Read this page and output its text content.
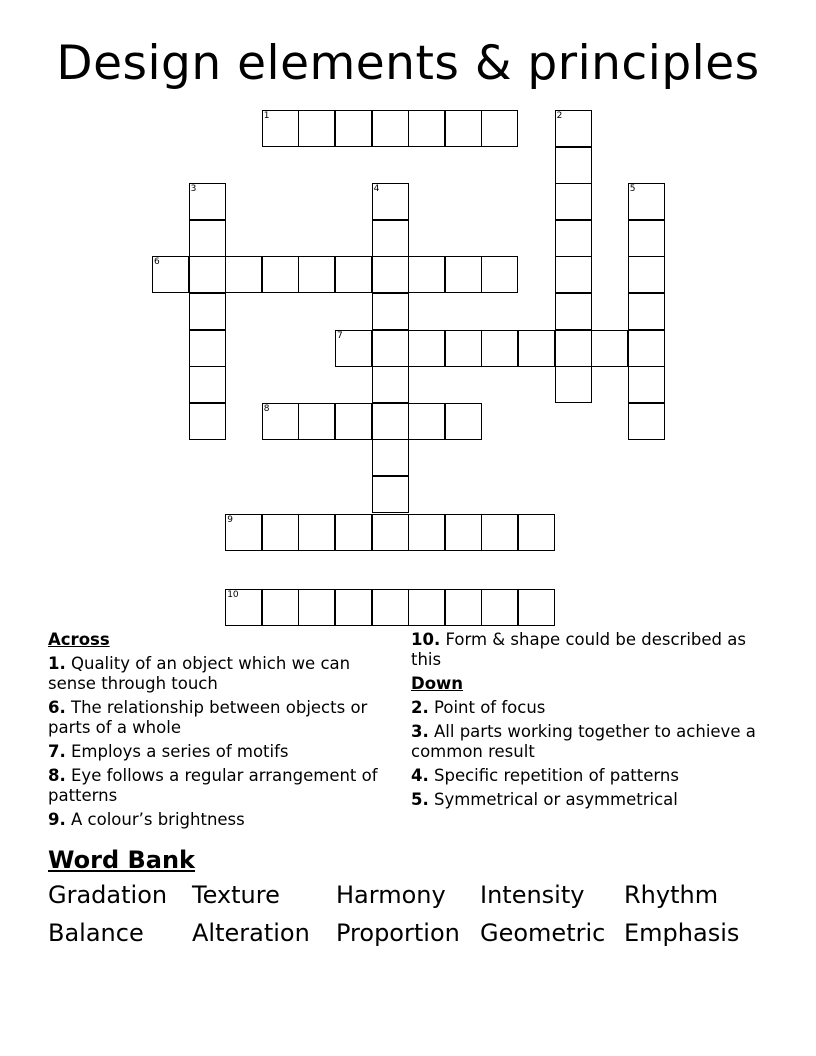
Design elements & principles
1	2
3	4	5
6
7
8
9
10
Across
1. Quality of an object which we can sense through touch
6. The relationship between objects or parts of a whole
7. Employs a series of motifs
8. Eye follows a regular arrangement of patterns
9. A colour’s brightness
10. Form & shape could be described as this
Down
2. Point of focus
3. All parts working together to achieve a common result
4. Specific repetition of patterns
5. Symmetrical or asymmetrical
Word Bank
Gradation	Texture	Harmony	Intensity	Rhythm
Balance	Alteration	Proportion Geometric Emphasis
